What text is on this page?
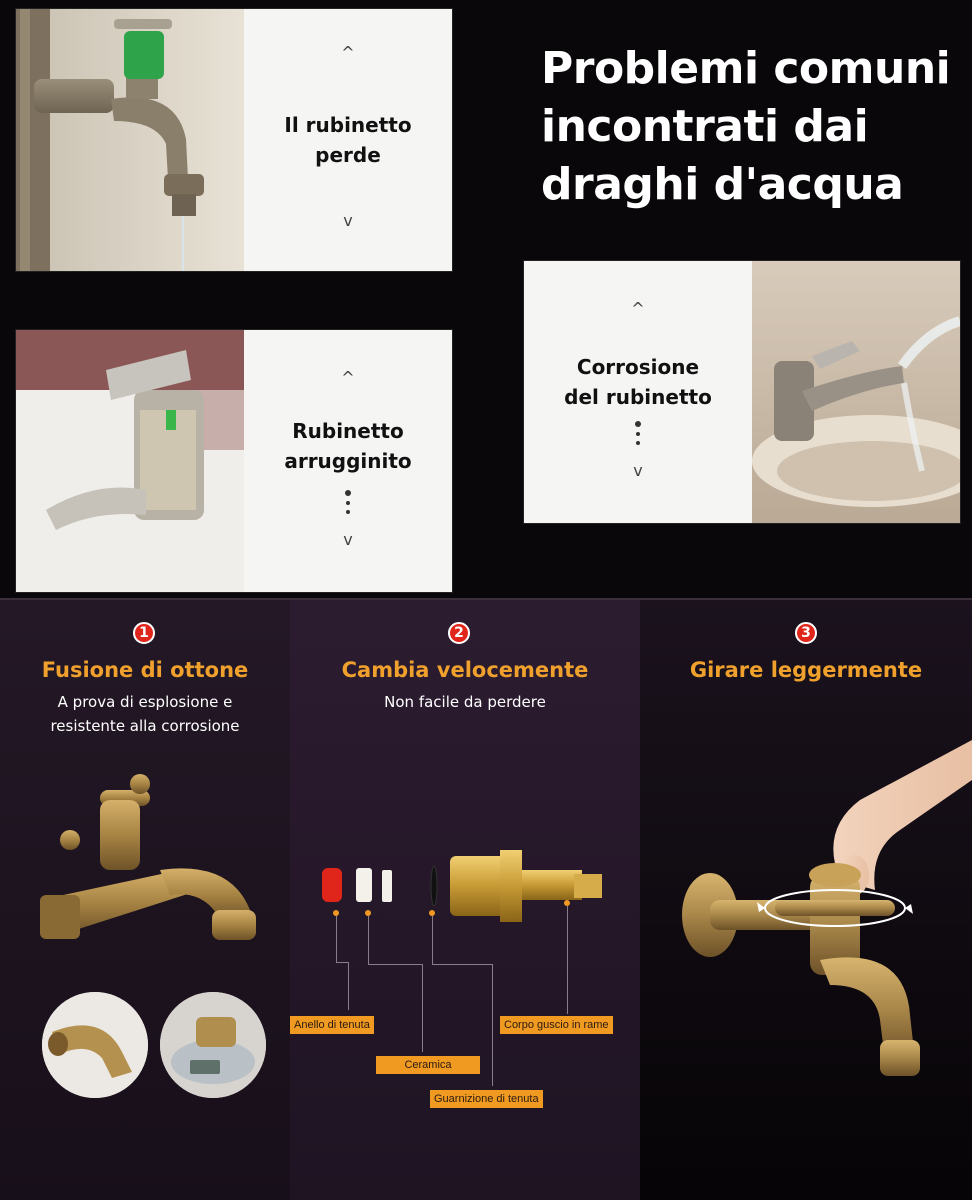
^
Il rubinetto
perde
v
Problemi comuni
incontrati dai
draghi d'acqua
^
Corrosione
del rubinetto
v
^
Rubinetto
arrugginito
v
1
Fusione di ottone
A prova di esplosione e
resistente alla corrosione
2
Cambia velocemente
Non facile da perdere
Anello di tenuta
Ceramica
Guarnizione di tenuta
Corpo guscio in rame
3
Girare leggermente
